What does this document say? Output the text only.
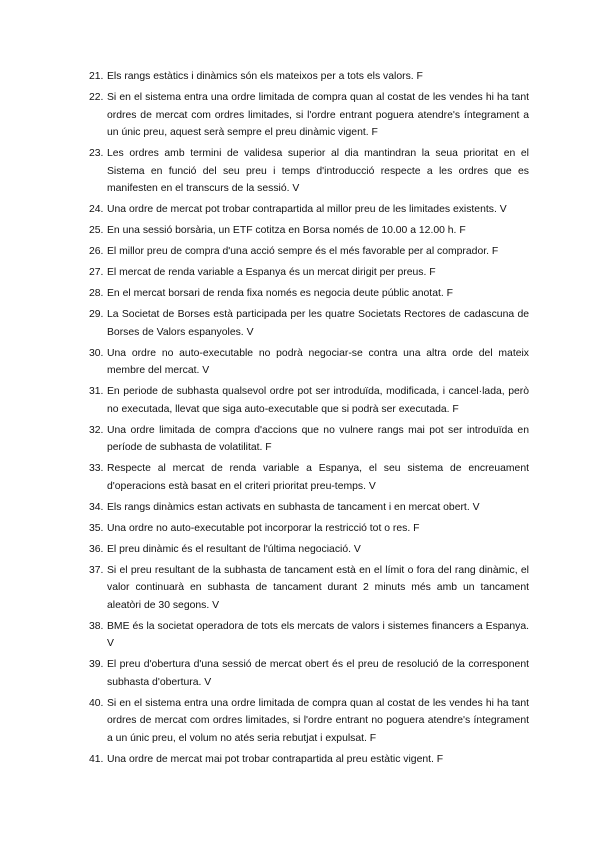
21. Els rangs estàtics i dinàmics són els mateixos per a tots els valors. F
22. Si en el sistema entra una ordre limitada de compra quan al costat de les vendes hi ha tant ordres de mercat com ordres limitades, si l'ordre entrant poguera atendre's íntegrament a un únic preu, aquest serà sempre el preu dinàmic vigent. F
23. Les ordres amb termini de validesa superior al dia mantindran la seua prioritat en el Sistema en funció del seu preu i temps d'introducció respecte a les ordres que es manifesten en el transcurs de la sessió. V
24. Una ordre de mercat pot trobar contrapartida al millor preu de les limitades existents. V
25. En una sessió borsària, un ETF cotitza en Borsa només de 10.00 a 12.00 h. F
26. El millor preu de compra d'una acció sempre és el més favorable per al comprador. F
27. El mercat de renda variable a Espanya és un mercat dirigit per preus. F
28. En el mercat borsari de renda fixa només es negocia deute públic anotat. F
29. La Societat de Borses està participada per les quatre Societats Rectores de cadascuna de Borses de Valors espanyoles. V
30. Una ordre no auto-executable no podrà negociar-se contra una altra orde del mateix membre del mercat. V
31. En periode de subhasta qualsevol ordre pot ser introduïda, modificada, i cancel·lada, però no executada, llevat que siga auto-executable que si podrà ser executada. F
32. Una ordre limitada de compra d'accions que no vulnere rangs mai pot ser introduïda en període de subhasta de volatilitat. F
33. Respecte al mercat de renda variable a Espanya, el seu sistema de encreuament d'operacions està basat en el criteri prioritat preu-temps. V
34. Els rangs dinàmics estan activats en subhasta de tancament i en mercat obert. V
35. Una ordre no auto-executable pot incorporar la restricció tot o res. F
36. El preu dinàmic és el resultant de l'última negociació. V
37. Si el preu resultant de la subhasta de tancament està en el límit o fora del rang dinàmic, el valor continuarà en subhasta de tancament durant 2 minuts més amb un tancament aleatòri de 30 segons. V
38. BME és la societat operadora de tots els mercats de valors i sistemes financers a Espanya. V
39. El preu d'obertura d'una sessió de mercat obert és el preu de resolució de la corresponent subhasta d'obertura. V
40. Si en el sistema entra una ordre limitada de compra quan al costat de les vendes hi ha tant ordres de mercat com ordres limitades, si l'ordre entrant no poguera atendre's íntegrament a un únic preu, el volum no atés seria rebutjat i expulsat. F
41. Una ordre de mercat mai pot trobar contrapartida al preu estàtic vigent. F
